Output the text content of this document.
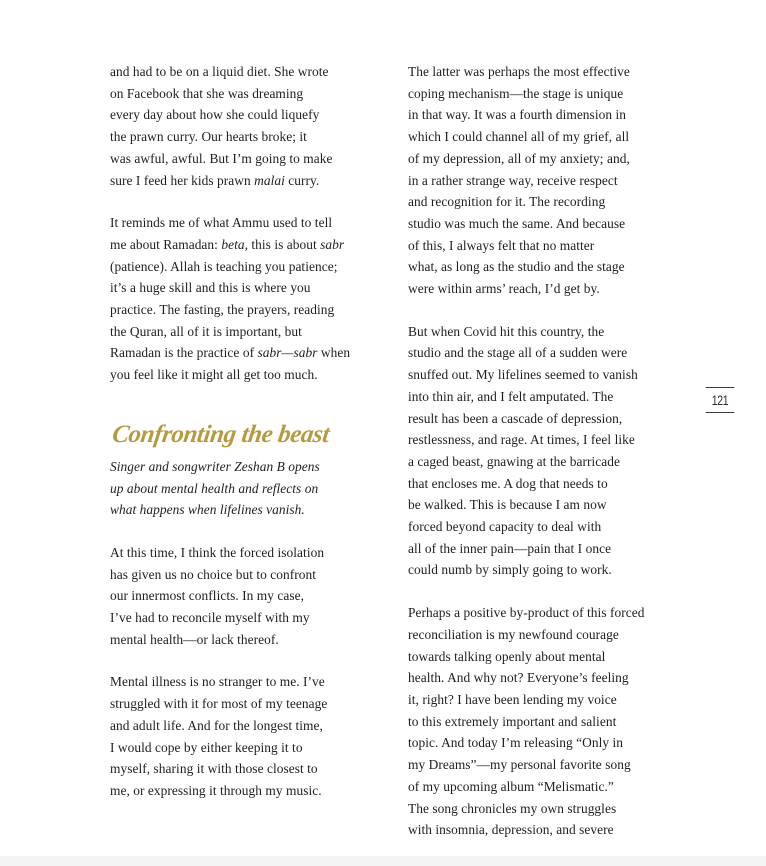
and had to be on a liquid diet. She wrote
on Facebook that she was dreaming
every day about how she could liquefy
the prawn curry. Our hearts broke; it
was awful, awful. But I’m going to make
sure I feed her kids prawn malai curry.

It reminds me of what Ammu used to tell
me about Ramadan: beta, this is about sabr
(patience). Allah is teaching you patience;
it’s a huge skill and this is where you
practice. The fasting, the prayers, reading
the Quran, all of it is important, but
Ramadan is the practice of sabr—sabr when
you feel like it might all get too much.

Confronting the beast

Singer and songwriter Zeshan B opens
up about mental health and reflects on
what happens when lifelines vanish.

At this time, I think the forced isolation
has given us no choice but to confront
our innermost conflicts. In my case,
I’ve had to reconcile myself with my
mental health—or lack thereof.

Mental illness is no stranger to me. I’ve
struggled with it for most of my teenage
and adult life. And for the longest time,
I would cope by either keeping it to
myself, sharing it with those closest to
me, or expressing it through my music.

The latter was perhaps the most effective
coping mechanism—the stage is unique
in that way. It was a fourth dimension in
which I could channel all of my grief, all
of my depression, all of my anxiety; and,
in a rather strange way, receive respect
and recognition for it. The recording
studio was much the same. And because
of this, I always felt that no matter
what, as long as the studio and the stage
were within arms’ reach, I’d get by.

But when Covid hit this country, the
studio and the stage all of a sudden were
snuffed out. My lifelines seemed to vanish
into thin air, and I felt amputated. The
result has been a cascade of depression,
restlessness, and rage. At times, I feel like
a caged beast, gnawing at the barricade
that encloses me. A dog that needs to
be walked. This is because I am now
forced beyond capacity to deal with
all of the inner pain—pain that I once
could numb by simply going to work.

Perhaps a positive by-product of this forced
reconciliation is my newfound courage
towards talking openly about mental
health. And why not? Everyone’s feeling
it, right? I have been lending my voice
to this extremely important and salient
topic. And today I’m releasing “Only in
my Dreams”—my personal favorite song
of my upcoming album “Melismatic.”
The song chronicles my own struggles
with insomnia, depression, and severe

121
